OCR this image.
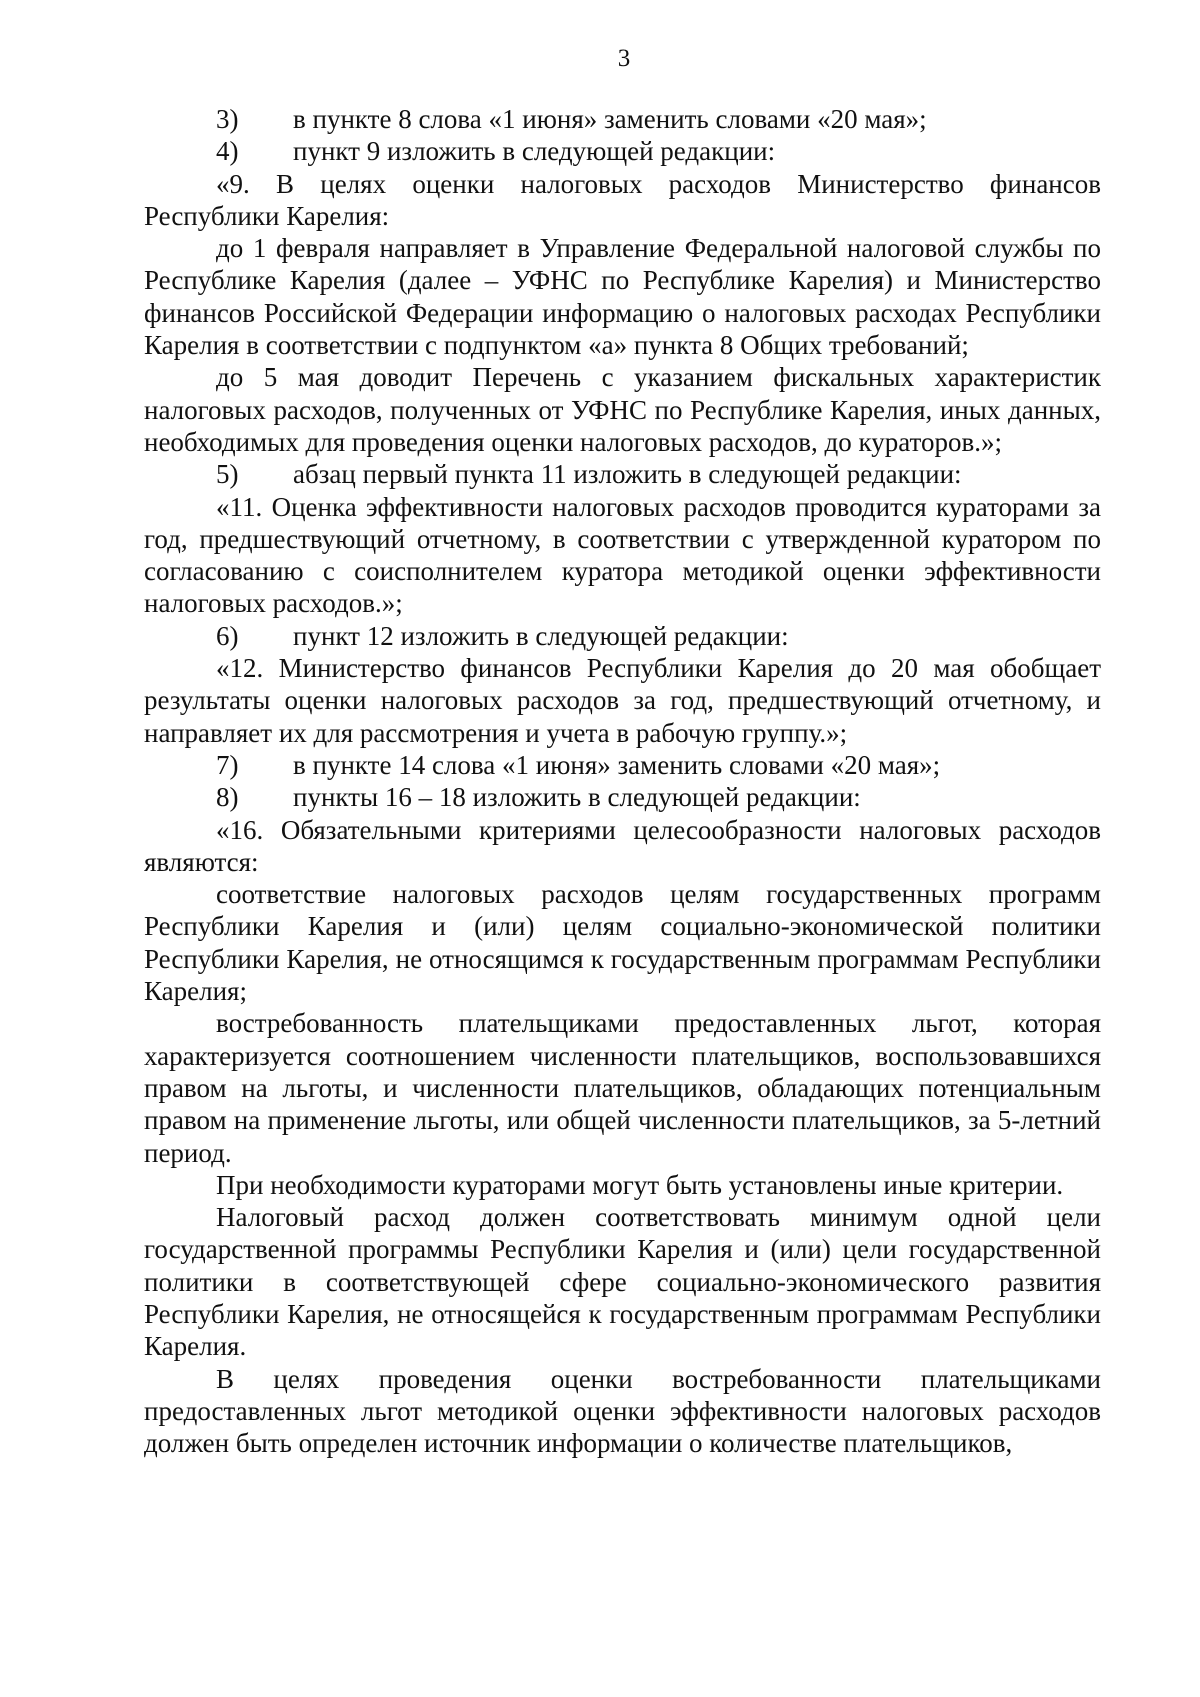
3

3) в пункте 8 слова «1 июня» заменить словами «20 мая»;

4) пункт 9 изложить в следующей редакции:

«9. В целях оценки налоговых расходов Министерство финансов Республики Карелия:

до 1 февраля направляет в Управление Федеральной налоговой службы по Республике Карелия (далее – УФНС по Республике Карелия) и Министерство финансов Российской Федерации информацию о налоговых расходах Республики Карелия в соответствии с подпунктом «а» пункта 8 Общих требований;

до 5 мая доводит Перечень с указанием фискальных характеристик налоговых расходов, полученных от УФНС по Республике Карелия, иных данных, необходимых для проведения оценки налоговых расходов, до кураторов.»;

5) абзац первый пункта 11 изложить в следующей редакции:

«11. Оценка эффективности налоговых расходов проводится кураторами за год, предшествующий отчетному, в соответствии с утвержденной куратором по согласованию с соисполнителем куратора методикой оценки эффективности налоговых расходов.»;

6) пункт 12 изложить в следующей редакции:

«12. Министерство финансов Республики Карелия до 20 мая обобщает результаты оценки налоговых расходов за год, предшествующий отчетному, и направляет их для рассмотрения и учета в рабочую группу.»;

7) в пункте 14 слова «1 июня» заменить словами «20 мая»;

8) пункты 16 – 18 изложить в следующей редакции:

«16. Обязательными критериями целесообразности налоговых расходов являются:

соответствие налоговых расходов целям государственных программ Республики Карелия и (или) целям социально-экономической политики Республики Карелия, не относящимся к государственным программам Республики Карелия;

востребованность плательщиками предоставленных льгот, которая характеризуется соотношением численности плательщиков, воспользовавшихся правом на льготы, и численности плательщиков, обладающих потенциальным правом на применение льготы, или общей численности плательщиков, за 5-летний период.

При необходимости кураторами могут быть установлены иные критерии.

Налоговый расход должен соответствовать минимум одной цели государственной программы Республики Карелия и (или) цели государственной политики в соответствующей сфере социально-экономического развития Республики Карелия, не относящейся к государственным программам Республики Карелия.

В целях проведения оценки востребованности плательщиками предоставленных льгот методикой оценки эффективности налоговых расходов должен быть определен источник информации о количестве плательщиков,
